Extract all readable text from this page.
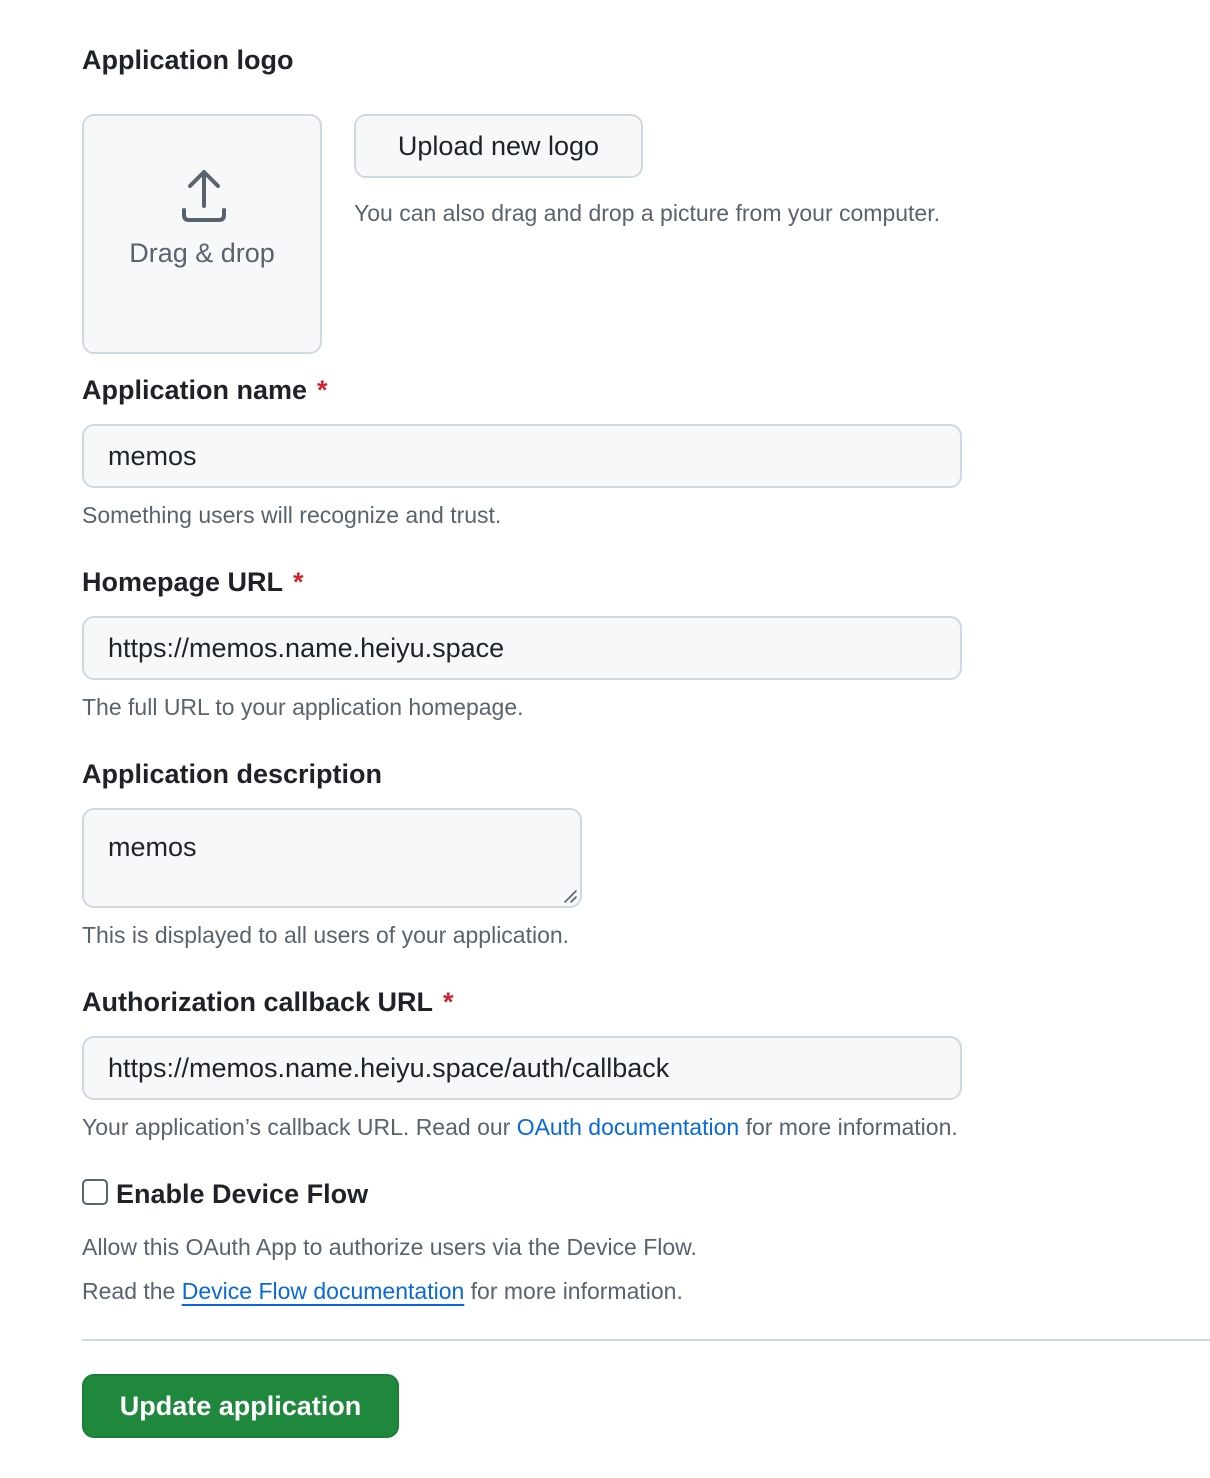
Application logo
Drag & drop
Upload new logo
You can also drag and drop a picture from your computer.
Application name *
memos
Something users will recognize and trust.
Homepage URL *
https://memos.name.heiyu.space
The full URL to your application homepage.
Application description
memos
This is displayed to all users of your application.
Authorization callback URL *
https://memos.name.heiyu.space/auth/callback
Your application’s callback URL. Read our OAuth documentation for more information.
Enable Device Flow
Allow this OAuth App to authorize users via the Device Flow.
Read the Device Flow documentation for more information.
Update application
